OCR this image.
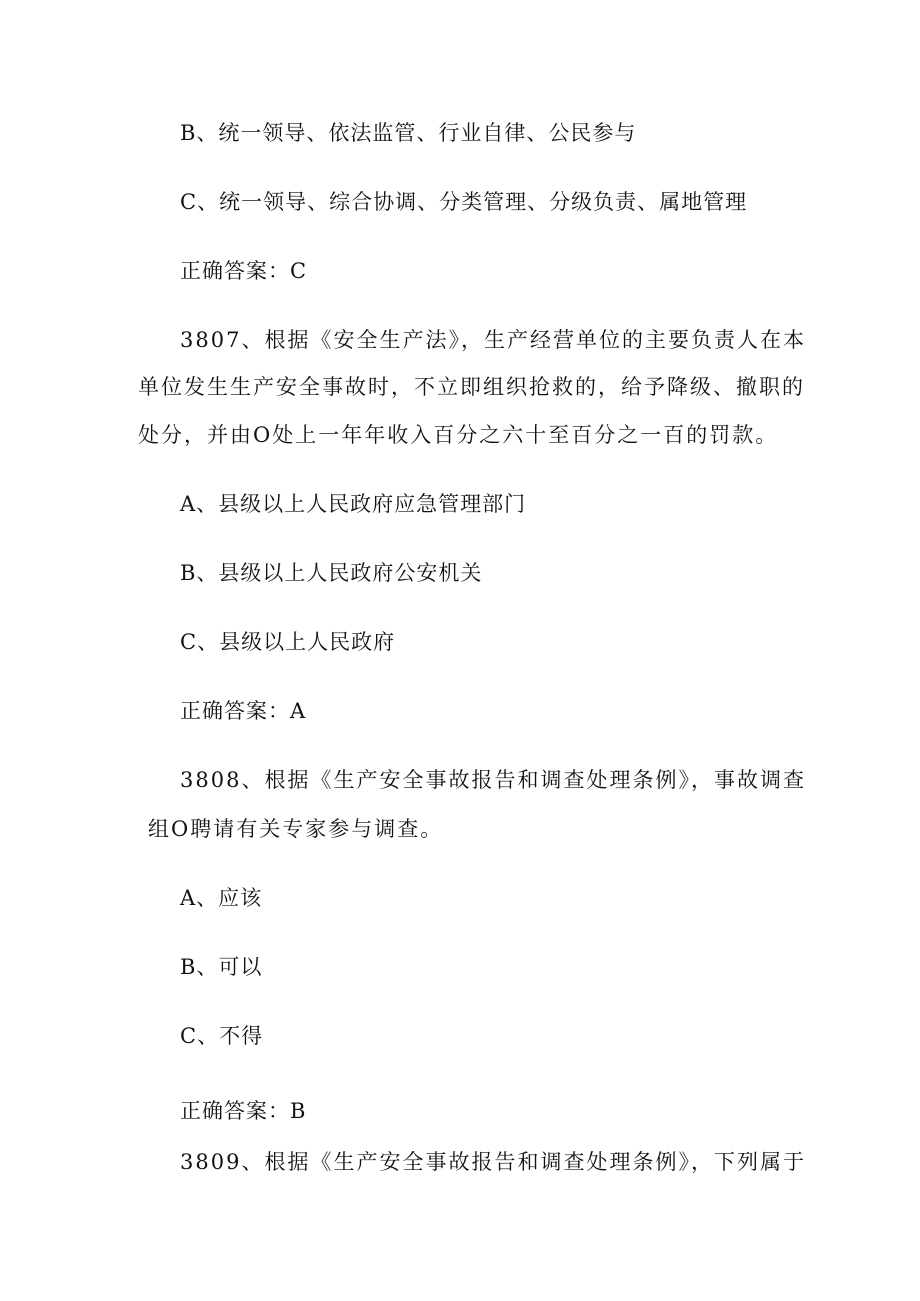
B、统一领导、依法监管、行业自律、公民参与
C、统一领导、综合协调、分类管理、分级负责、属地管理
正确答案：C
3807、根据《安全生产法》，生产经营单位的主要负责人在本
单位发生生产安全事故时，不立即组织抢救的，给予降级、撤职的
处分，并由O处上一年年收入百分之六十至百分之一百的罚款。
A、县级以上人民政府应急管理部门
B、县级以上人民政府公安机关
C、县级以上人民政府
正确答案：A
3808、根据《生产安全事故报告和调查处理条例》，事故调查
组O聘请有关专家参与调查。
A、应该
B、可以
C、不得
正确答案：B
3809、根据《生产安全事故报告和调查处理条例》，下列属于
